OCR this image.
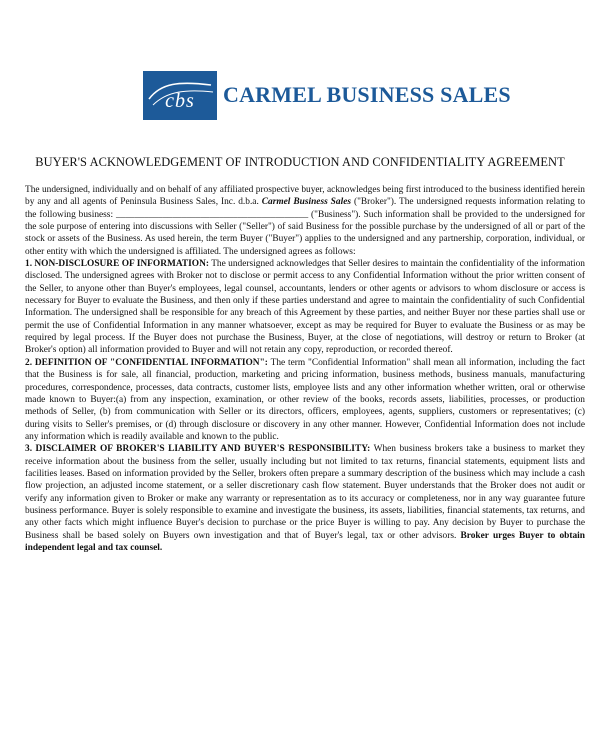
cbs CARMEL BUSINESS SALES
BUYER'S ACKNOWLEDGEMENT OF INTRODUCTION AND CONFIDENTIALITY AGREEMENT

The undersigned, individually and on behalf of any affiliated prospective buyer, acknowledges being first introduced to the business identified herein by any and all agents of Peninsula Business Sales, Inc. d.b.a. Carmel Business Sales ("Broker"). The undersigned requests information relating to the following business: _________________________________________ ("Business"). Such information shall be provided to the undersigned for the sole purpose of entering into discussions with Seller ("Seller") of said Business for the possible purchase by the undersigned of all or part of the stock or assets of the Business. As used herein, the term Buyer ("Buyer") applies to the undersigned and any partnership, corporation, individual, or other entity with which the undersigned is affiliated. The undersigned agrees as follows:

1. NON-DISCLOSURE OF INFORMATION: The undersigned acknowledges that Seller desires to maintain the confidentiality of the information disclosed. The undersigned agrees with Broker not to disclose or permit access to any Confidential Information without the prior written consent of the Seller, to anyone other than Buyer's employees, legal counsel, accountants, lenders or other agents or advisors to whom disclosure or access is necessary for Buyer to evaluate the Business, and then only if these parties understand and agree to maintain the confidentiality of such Confidential Information. The undersigned shall be responsible for any breach of this Agreement by these parties, and neither Buyer nor these parties shall use or permit the use of Confidential Information in any manner whatsoever, except as may be required for Buyer to evaluate the Business or as may be required by legal process. If the Buyer does not purchase the Business, Buyer, at the close of negotiations, will destroy or return to Broker (at Broker's option) all information provided to Buyer and will not retain any copy, reproduction, or recorded thereof.

2. DEFINITION OF "CONFIDENTIAL INFORMATION": The term "Confidential Information" shall mean all information, including the fact that the Business is for sale, all financial, production, marketing and pricing information, business methods, business manuals, manufacturing procedures, correspondence, processes, data contracts, customer lists, employee lists and any other information whether written, oral or otherwise made known to Buyer:(a) from any inspection, examination, or other review of the books, records assets, liabilities, processes, or production methods of Seller, (b) from communication with Seller or its directors, officers, employees, agents, suppliers, customers or representatives; (c) during visits to Seller's premises, or (d) through disclosure or discovery in any other manner. However, Confidential Information does not include any information which is readily available and known to the public.

3. DISCLAIMER OF BROKER'S LIABILITY AND BUYER'S RESPONSIBILITY: When business brokers take a business to market they receive information about the business from the seller, usually including but not limited to tax returns, financial statements, equipment lists and facilities leases. Based on information provided by the Seller, brokers often prepare a summary description of the business which may include a cash flow projection, an adjusted income statement, or a seller discretionary cash flow statement. Buyer understands that the Broker does not audit or verify any information given to Broker or make any warranty or representation as to its accuracy or completeness, nor in any way guarantee future business performance. Buyer is solely responsible to examine and investigate the business, its assets, liabilities, financial statements, tax returns, and any other facts which might influence Buyer's decision to purchase or the price Buyer is willing to pay. Any decision by Buyer to purchase the Business shall be based solely on Buyers own investigation and that of Buyer's legal, tax or other advisors. Broker urges Buyer to obtain independent legal and tax counsel.
